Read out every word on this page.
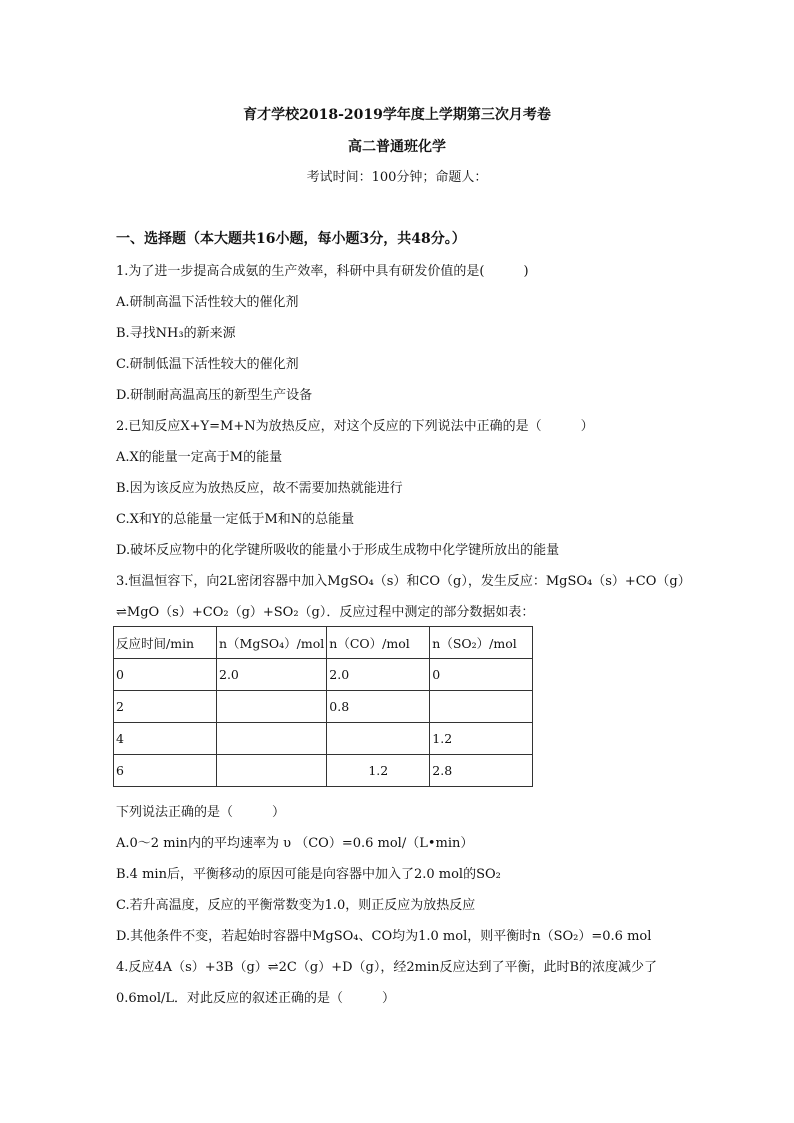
育才学校2018-2019学年度上学期第三次月考卷
高二普通班化学
考试时间：100分钟；命题人：
一、选择题（本大题共16小题，每小题3分，共48分。）
1.为了进一步提高合成氨的生产效率，科研中具有研发价值的是(　　　)
A.研制高温下活性较大的催化剂
B.寻找NH₃的新来源
C.研制低温下活性较大的催化剂
D.研制耐高温高压的新型生产设备
2.已知反应X+Y=M+N为放热反应，对这个反应的下列说法中正确的是（　　　）
A.X的能量一定高于M的能量
B.因为该反应为放热反应，故不需要加热就能进行
C.X和Y的总能量一定低于M和N的总能量
D.破坏反应物中的化学键所吸收的能量小于形成生成物中化学键所放出的能量
3.恒温恒容下，向2L密闭容器中加入MgSO₄（s）和CO（g），发生反应：MgSO₄（s）+CO（g）
⇌MgO（s）+CO₂（g）+SO₂（g）．反应过程中测定的部分数据如表：
反应时间/min	n（MgSO₄）/mol	n（CO）/mol	n（SO₂）/mol
0	2.0	2.0	0
2		0.8	
4			1.2
6		1.2	2.8
下列说法正确的是（　　　）
A.0～2 min内的平均速率为 υ （CO）=0.6 mol/（L•min）
B.4 min后，平衡移动的原因可能是向容器中加入了2.0 mol的SO₂
C.若升高温度，反应的平衡常数变为1.0，则正反应为放热反应
D.其他条件不变，若起始时容器中MgSO₄、CO均为1.0 mol，则平衡时n（SO₂）=0.6 mol
4.反应4A（s）+3B（g）⇌2C（g）+D（g），经2min反应达到了平衡，此时B的浓度减少了
0.6mol/L．对此反应的叙述正确的是（　　　）
